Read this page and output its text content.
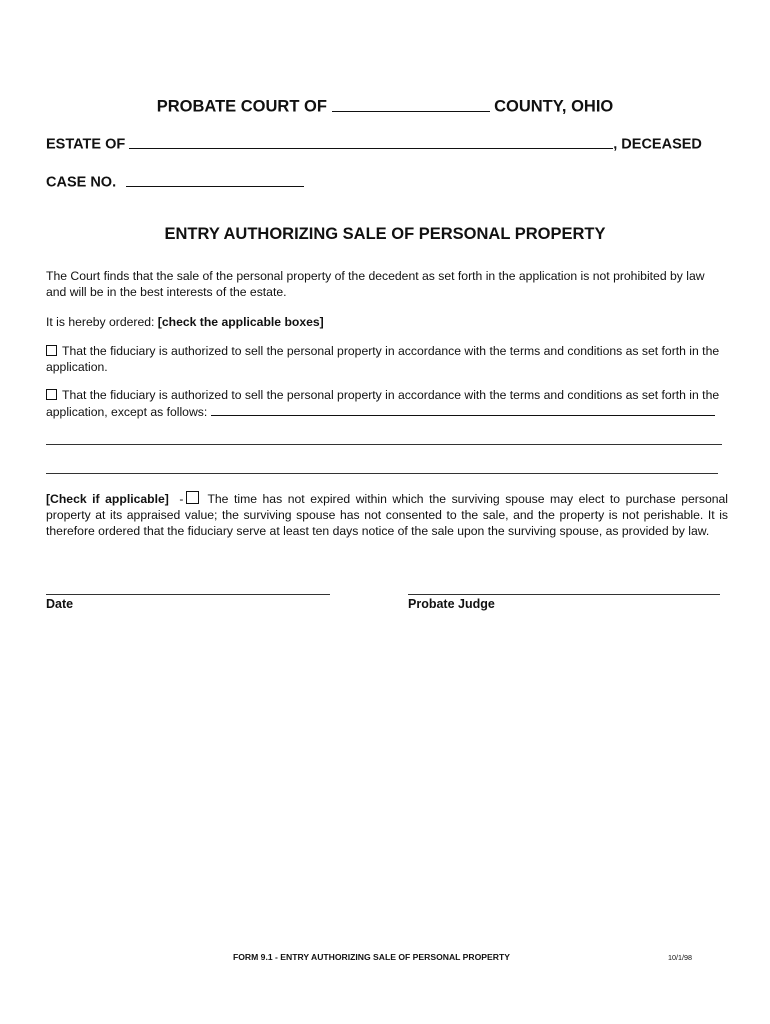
PROBATE COURT OF	COUNTY, OHIO
ESTATE OF	, DECEASED
CASE NO.
ENTRY AUTHORIZING SALE OF PERSONAL PROPERTY
The Court finds that the sale of the personal property of the decedent as set forth in the application is not prohibited by law and will be in the best interests of the estate.
It is hereby ordered: [check the applicable boxes]
That the fiduciary is authorized to sell the personal property in accordance with the terms and conditions as set forth in the application.
That the fiduciary is authorized to sell the personal property in accordance with the terms and conditions as set forth in the
application, except as follows:
[Check if applicable] - The time has not expired within which the surviving spouse may elect to purchase personal property at its appraised value; the surviving spouse has not consented to the sale, and the property is not perishable. It is therefore ordered that the fiduciary serve at least ten days notice of the sale upon the surviving spouse, as provided by law.
Date	Probate Judge
FORM 9.1 - ENTRY AUTHORIZING SALE OF PERSONAL PROPERTY	10/1/98
